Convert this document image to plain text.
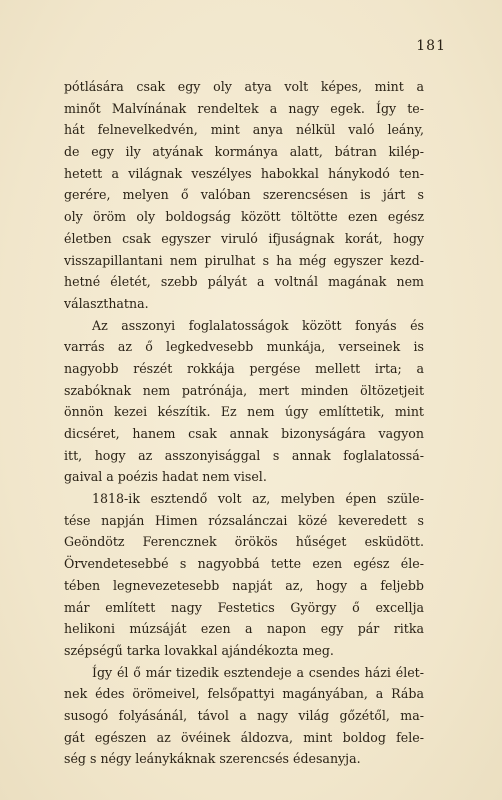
181

pótlására csak egy oly atya volt képes, mint a
minőt Malvínának rendeltek a nagy egek. Így te-
hát felnevelkedvén, mint anya nélkül való leány,
de egy ily atyának kormánya alatt, bátran kiléр-
hetett a világnak veszélyes habokkal hánykodó ten-
gerére, melyen ő valóban szerencsésen is járt s
oly öröm oly boldogság között töltötte ezen egész
életben csak egyszer viruló ifjuságnak korát, hogy
visszapillantani nem pirulhat s ha még egyszer kezd-
hetné életét, szebb pályát a voltnál magának nem
választhatna.

Az asszonyi foglalatosságok között fonyás és
varrás az ő legkedvesebb munkája, verseinek is
nagyobb részét rokkája pergése mellett irta; a
szabóknak nem patrónája, mert minden öltözetjeit
önnön kezei készítik. Ez nem úgy említtetik, mint
dicséret, hanem csak annak bizonyságára vagyon
itt, hogy az asszonyisággal s annak foglalatossá-
gaival a poézis hadat nem visel.

1818-ik esztendő volt az, melyben épen szüle-
tése napján Himen rózsalánczai közé keveredett s
Geöndötz Ferencznek örökös hűséget esküdött.
Örvendetesebbé s nagyobbá tette ezen egész éle-
tében legnevezetesebb napját az, hogy a feljebb
már említett nagy Festetics György ő excellja
helikoni múzsáját ezen a napon egy pár ritka
szépségű tarka lovakkal ajándékozta meg.

Így él ő már tizedik esztendeje a csendes házi élet-
nek édes örömeivel, felsőpattyi magányában, a Rába
susogó folyásánál, távol a nagy világ gőzétől, ma-
gát egészen az övéinek áldozva, mint boldog fele-
ség s négy leánykáknak szerencsés édesanyja.
